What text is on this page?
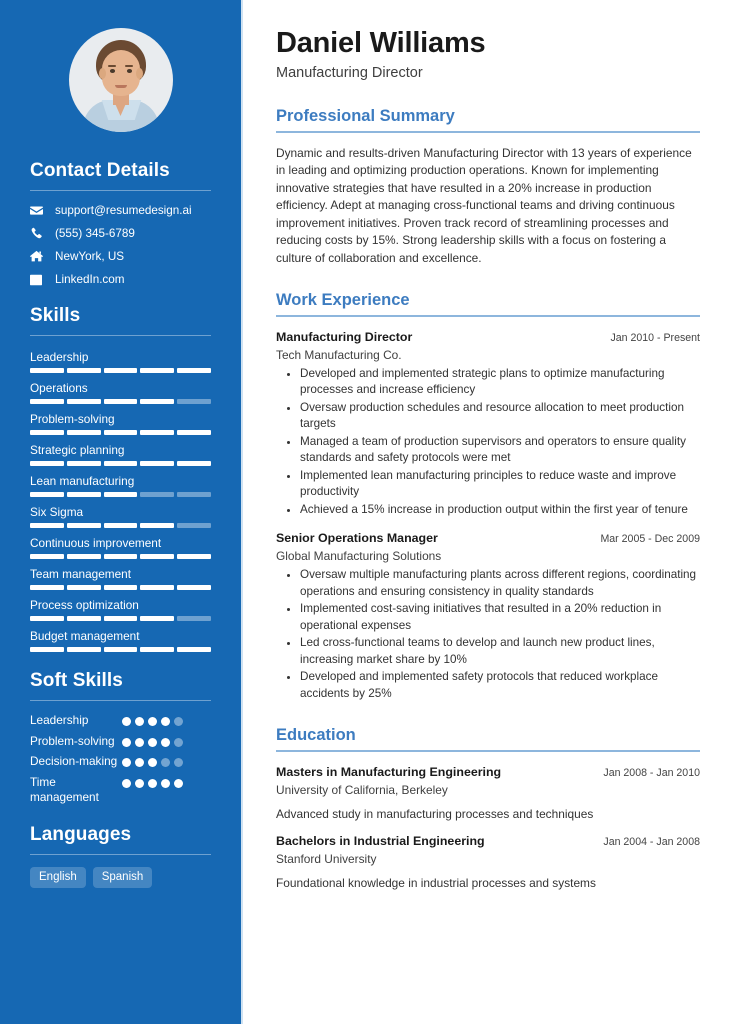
Contact Details
support@resumedesign.ai
(555) 345-6789
NewYork, US
LinkedIn.com
Skills
Leadership
Operations
Problem-solving
Strategic planning
Lean manufacturing
Six Sigma
Continuous improvement
Team management
Process optimization
Budget management
Soft Skills
Leadership
Problem-solving
Decision-making
Time management
Languages
English	Spanish
Daniel Williams
Manufacturing Director
Professional Summary

Dynamic and results-driven Manufacturing Director with 13 years of experience in leading and optimizing production operations. Known for implementing innovative strategies that have resulted in a 20% increase in production efficiency. Adept at managing cross-functional teams and driving continuous improvement initiatives. Proven track record of streamlining processes and reducing costs by 15%. Strong leadership skills with a focus on fostering a culture of collaboration and excellence.

Work Experience
Manufacturing Director	Jan 2010 - Present
Tech Manufacturing Co.
• Developed and implemented strategic plans to optimize manufacturing processes and increase efficiency
• Oversaw production schedules and resource allocation to meet production targets
• Managed a team of production supervisors and operators to ensure quality standards and safety protocols were met
• Implemented lean manufacturing principles to reduce waste and improve productivity
• Achieved a 15% increase in production output within the first year of tenure
Senior Operations Manager	Mar 2005 - Dec 2009
Global Manufacturing Solutions
• Oversaw multiple manufacturing plants across different regions, coordinating operations and ensuring consistency in quality standards
• Implemented cost-saving initiatives that resulted in a 20% reduction in operational expenses
• Led cross-functional teams to develop and launch new product lines, increasing market share by 10%
• Developed and implemented safety protocols that reduced workplace accidents by 25%
Education
Masters in Manufacturing Engineering	Jan 2008 - Jan 2010
University of California, Berkeley
Advanced study in manufacturing processes and techniques
Bachelors in Industrial Engineering	Jan 2004 - Jan 2008
Stanford University
Foundational knowledge in industrial processes and systems
